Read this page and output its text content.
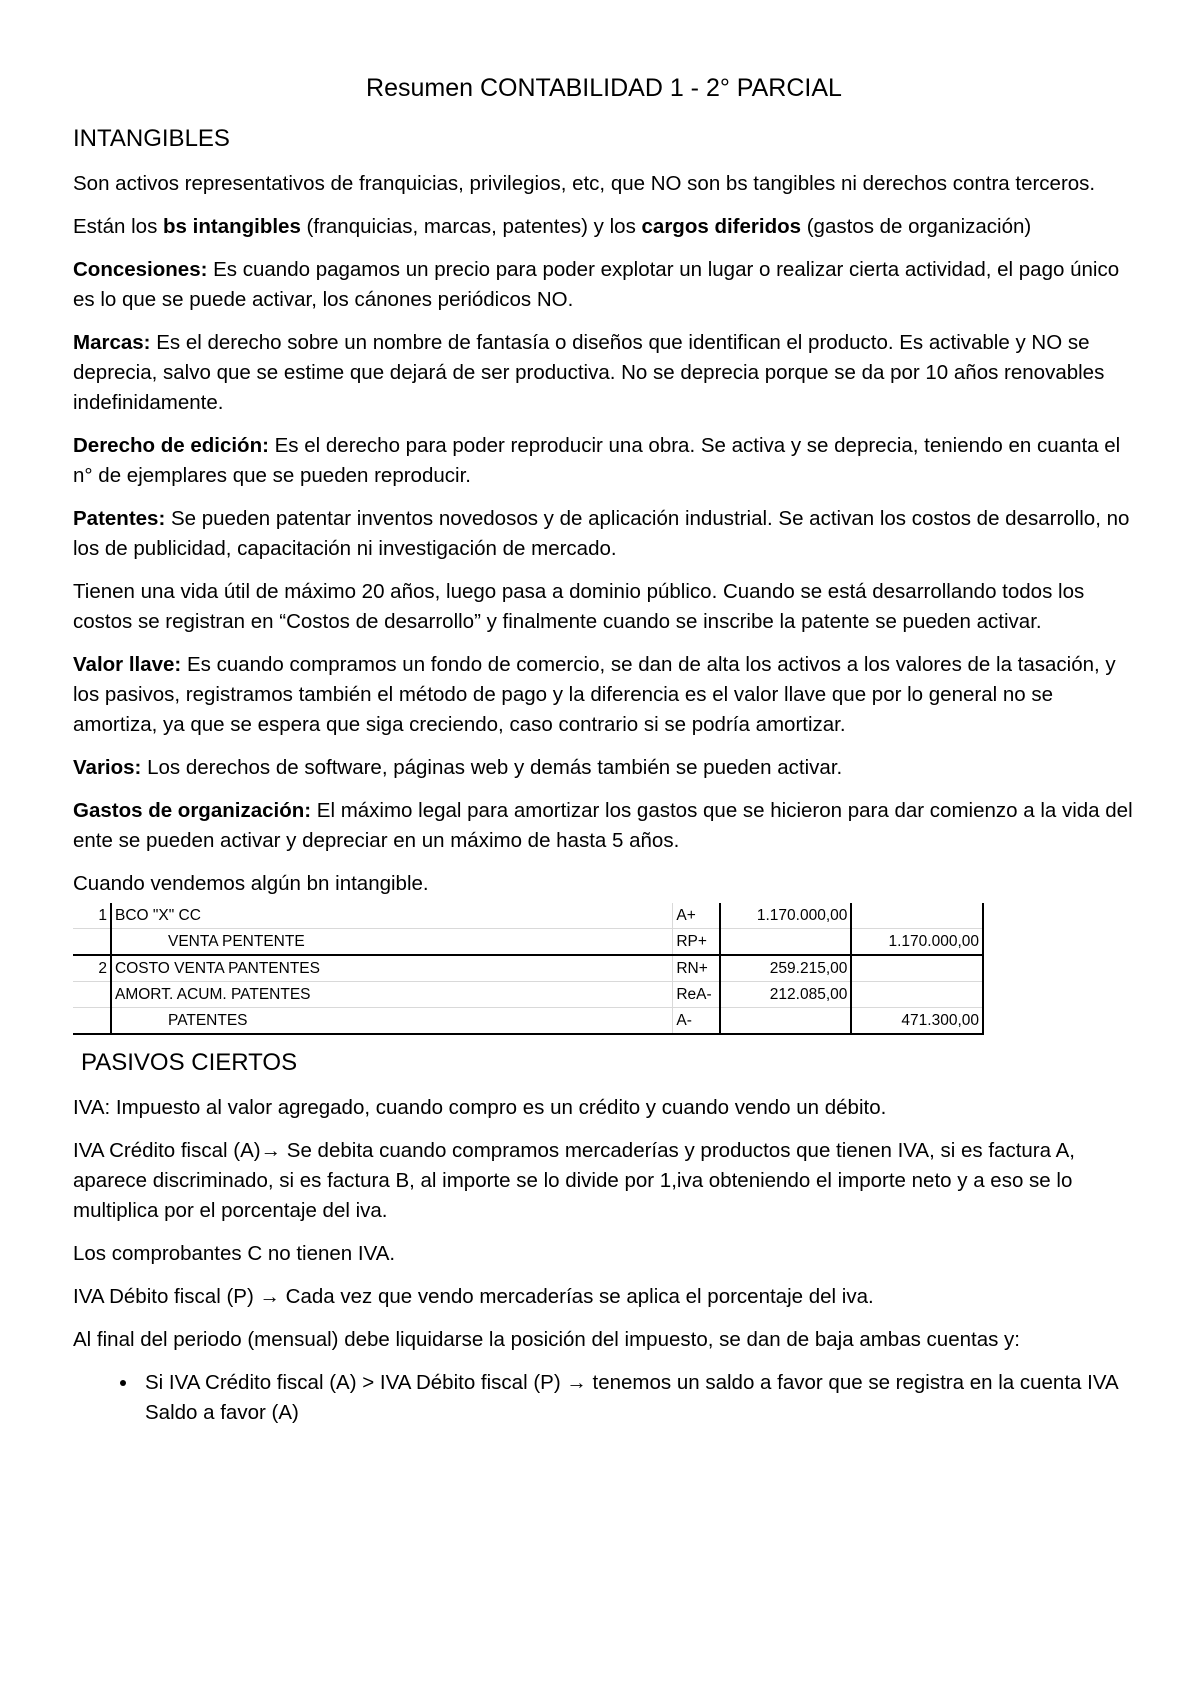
Resumen CONTABILIDAD 1 - 2° PARCIAL
INTANGIBLES

Son activos representativos de franquicias, privilegios, etc, que NO son bs tangibles ni derechos contra terceros.

Están los bs intangibles (franquicias, marcas, patentes) y los cargos diferidos (gastos de organización)

Concesiones: Es cuando pagamos un precio para poder explotar un lugar o realizar cierta actividad, el pago único es lo que se puede activar, los cánones periódicos NO.

Marcas: Es el derecho sobre un nombre de fantasía o diseños que identifican el producto. Es activable y NO se deprecia, salvo que se estime que dejará de ser productiva. No se deprecia porque se da por 10 años renovables indefinidamente.

Derecho de edición: Es el derecho para poder reproducir una obra. Se activa y se deprecia, teniendo en cuanta el n° de ejemplares que se pueden reproducir.

Patentes: Se pueden patentar inventos novedosos y de aplicación industrial. Se activan los costos de desarrollo, no los de publicidad, capacitación ni investigación de mercado.

Tienen una vida útil de máximo 20 años, luego pasa a dominio público. Cuando se está desarrollando todos los costos se registran en “Costos de desarrollo” y finalmente cuando se inscribe la patente se pueden activar.

Valor llave: Es cuando compramos un fondo de comercio, se dan de alta los activos a los valores de la tasación, y los pasivos, registramos también el método de pago y la diferencia es el valor llave que por lo general no se amortiza, ya que se espera que siga creciendo, caso contrario si se podría amortizar.

Varios: Los derechos de software, páginas web y demás también se pueden activar.

Gastos de organización: El máximo legal para amortizar los gastos que se hicieron para dar comienzo a la vida del ente se pueden activar y depreciar en un máximo de hasta 5 años.

Cuando vendemos algún bn intangible.

1	BCO "X" CC	A+	1.170.000,00	
	VENTA PENTENTE	RP+		1.170.000,00
2	COSTO VENTA PANTENTES	RN+	259.215,00	
	AMORT. ACUM. PATENTES	ReA-	212.085,00	
	PATENTES	A-		471.300,00
PASIVOS CIERTOS

IVA: Impuesto al valor agregado, cuando compro es un crédito y cuando vendo un débito.

IVA Crédito fiscal (A)→ Se debita cuando compramos mercaderías y productos que tienen IVA, si es factura A, aparece discriminado, si es factura B, al importe se lo divide por 1,iva obteniendo el importe neto y a eso se lo multiplica por el porcentaje del iva.

Los comprobantes C no tienen IVA.

IVA Débito fiscal (P) → Cada vez que vendo mercaderías se aplica el porcentaje del iva.

Al final del periodo (mensual) debe liquidarse la posición del impuesto, se dan de baja ambas cuentas y:

• Si IVA Crédito fiscal (A) > IVA Débito fiscal (P) → tenemos un saldo a favor que se registra en la cuenta IVA Saldo a favor (A)
